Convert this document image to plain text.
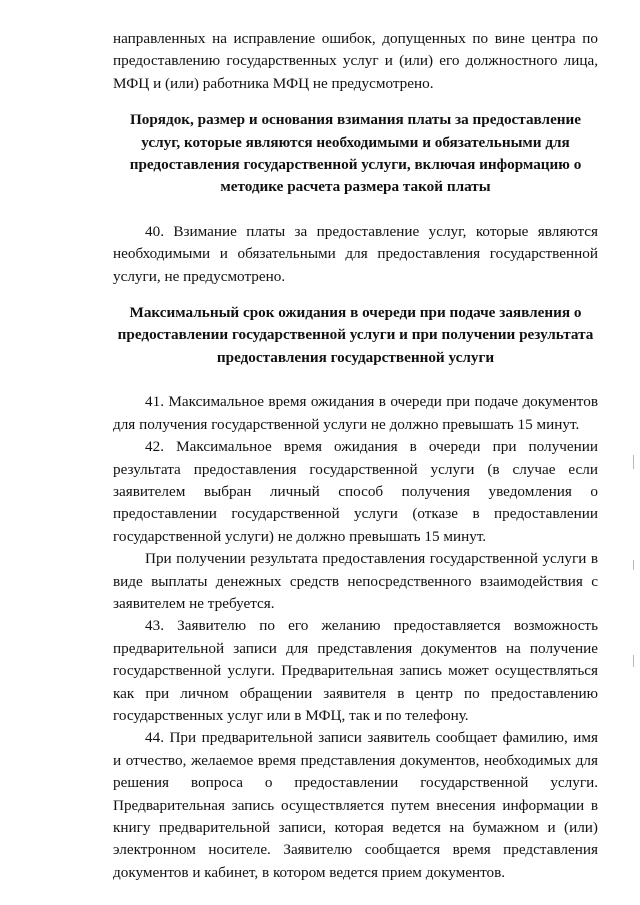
направленных на исправление ошибок, допущенных по вине центра по предоставлению государственных услуг и (или) его должностного лица, МФЦ и (или) работника МФЦ не предусмотрено.

Порядок, размер и основания взимания платы за предоставление услуг, которые являются необходимыми и обязательными для предоставления государственной услуги, включая информацию о методике расчета размера такой платы

40. Взимание платы за предоставление услуг, которые являются необходимыми и обязательными для предоставления государственной услуги, не предусмотрено.

Максимальный срок ожидания в очереди при подаче заявления о предоставлении государственной услуги и при получении результата предоставления государственной услуги

41. Максимальное время ожидания в очереди при подаче документов для получения государственной услуги не должно превышать 15 минут.

42. Максимальное время ожидания в очереди при получении результата предоставления государственной услуги (в случае если заявителем выбран личный способ получения уведомления о предоставлении государственной услуги (отказе в предоставлении государственной услуги) не должно превышать 15 минут.

При получении результата предоставления государственной услуги в виде выплаты денежных средств непосредственного взаимодействия с заявителем не требуется.

43. Заявителю по его желанию предоставляется возможность предварительной записи для представления документов на получение государственной услуги. Предварительная запись может осуществляться как при личном обращении заявителя в центр по предоставлению государственных услуг или в МФЦ, так и по телефону.

44. При предварительной записи заявитель сообщает фамилию, имя и отчество, желаемое время представления документов, необходимых для решения вопроса о предоставлении государственной услуги. Предварительная запись осуществляется путем внесения информации в книгу предварительной записи, которая ведется на бумажном и (или) электронном носителе. Заявителю сообщается время представления документов и кабинет, в котором ведется прием документов.
